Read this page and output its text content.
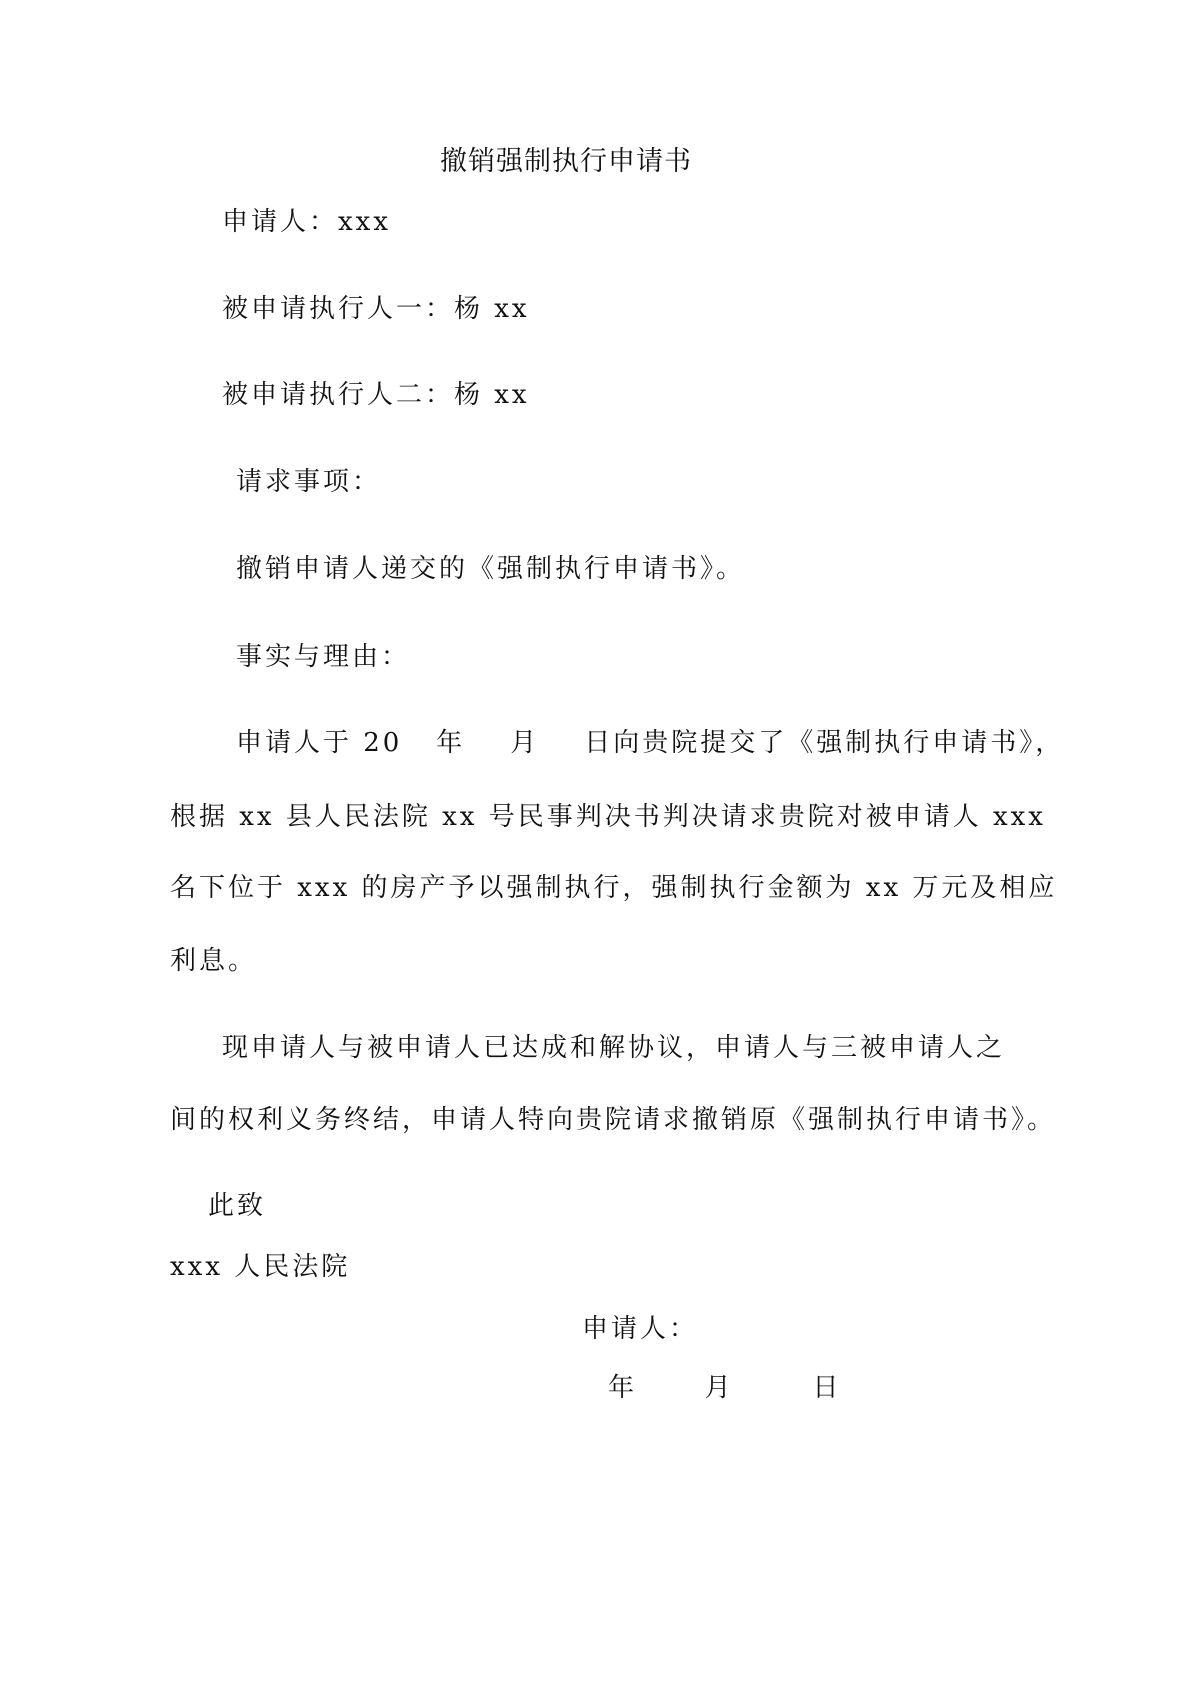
撤销强制执行申请书
申请人：xxx
被申请执行人一：杨 xx
被申请执行人二：杨 xx
请求事项：
撤销申请人递交的《强制执行申请书》。
事实与理由：
申请人于 20   年    月    日向贵院提交了《强制执行申请书》，
根据 xx 县人民法院 xx 号民事判决书判决请求贵院对被申请人 xxx
名下位于 xxx 的房产予以强制执行，强制执行金额为 xx 万元及相应
利息。
现申请人与被申请人已达成和解协议，申请人与三被申请人之
间的权利义务终结，申请人特向贵院请求撤销原《强制执行申请书》。
此致
xxx 人民法院
申请人：
年      月       日
